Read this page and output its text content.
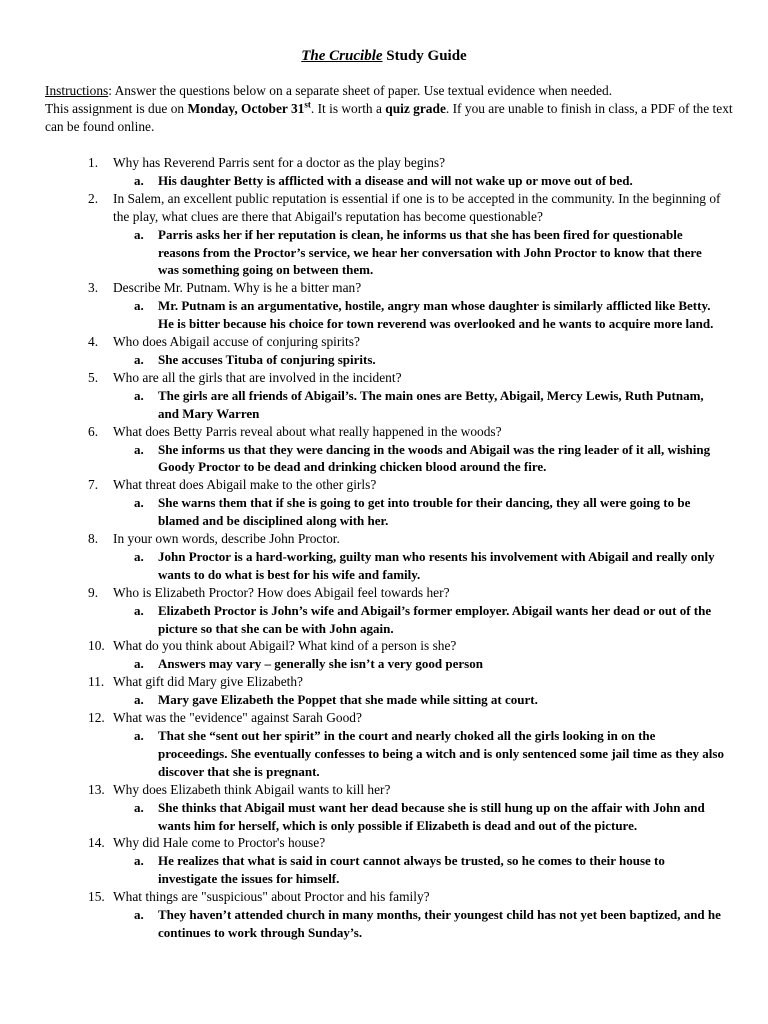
The Crucible Study Guide
Instructions: Answer the questions below on a separate sheet of paper. Use textual evidence when needed.
This assignment is due on Monday, October 31st. It is worth a quiz grade. If you are unable to finish in class, a PDF of the text can be found online.
1. Why has Reverend Parris sent for a doctor as the play begins?
a. His daughter Betty is afflicted with a disease and will not wake up or move out of bed.
2. In Salem, an excellent public reputation is essential if one is to be accepted in the community. In the beginning of the play, what clues are there that Abigail's reputation has become questionable?
a. Parris asks her if her reputation is clean, he informs us that she has been fired for questionable reasons from the Proctor’s service, we hear her conversation with John Proctor to know that there was something going on between them.
3. Describe Mr. Putnam. Why is he a bitter man?
a. Mr. Putnam is an argumentative, hostile, angry man whose daughter is similarly afflicted like Betty. He is bitter because his choice for town reverend was overlooked and he wants to acquire more land.
4. Who does Abigail accuse of conjuring spirits?
a. She accuses Tituba of conjuring spirits.
5. Who are all the girls that are involved in the incident?
a. The girls are all friends of Abigail’s. The main ones are Betty, Abigail, Mercy Lewis, Ruth Putnam, and Mary Warren
6. What does Betty Parris reveal about what really happened in the woods?
a. She informs us that they were dancing in the woods and Abigail was the ring leader of it all, wishing Goody Proctor to be dead and drinking chicken blood around the fire.
7. What threat does Abigail make to the other girls?
a. She warns them that if she is going to get into trouble for their dancing, they all were going to be blamed and be disciplined along with her.
8. In your own words, describe John Proctor.
a. John Proctor is a hard-working, guilty man who resents his involvement with Abigail and really only wants to do what is best for his wife and family.
9. Who is Elizabeth Proctor? How does Abigail feel towards her?
a. Elizabeth Proctor is John’s wife and Abigail’s former employer. Abigail wants her dead or out of the picture so that she can be with John again.
10. What do you think about Abigail? What kind of a person is she?
a. Answers may vary – generally she isn’t a very good person
11. What gift did Mary give Elizabeth?
a. Mary gave Elizabeth the Poppet that she made while sitting at court.
12. What was the "evidence" against Sarah Good?
a. That she “sent out her spirit” in the court and nearly choked all the girls looking in on the proceedings. She eventually confesses to being a witch and is only sentenced some jail time as they also discover that she is pregnant.
13. Why does Elizabeth think Abigail wants to kill her?
a. She thinks that Abigail must want her dead because she is still hung up on the affair with John and wants him for herself, which is only possible if Elizabeth is dead and out of the picture.
14. Why did Hale come to Proctor's house?
a. He realizes that what is said in court cannot always be trusted, so he comes to their house to investigate the issues for himself.
15. What things are "suspicious" about Proctor and his family?
a. They haven’t attended church in many months, their youngest child has not yet been baptized, and he continues to work through Sunday’s.
